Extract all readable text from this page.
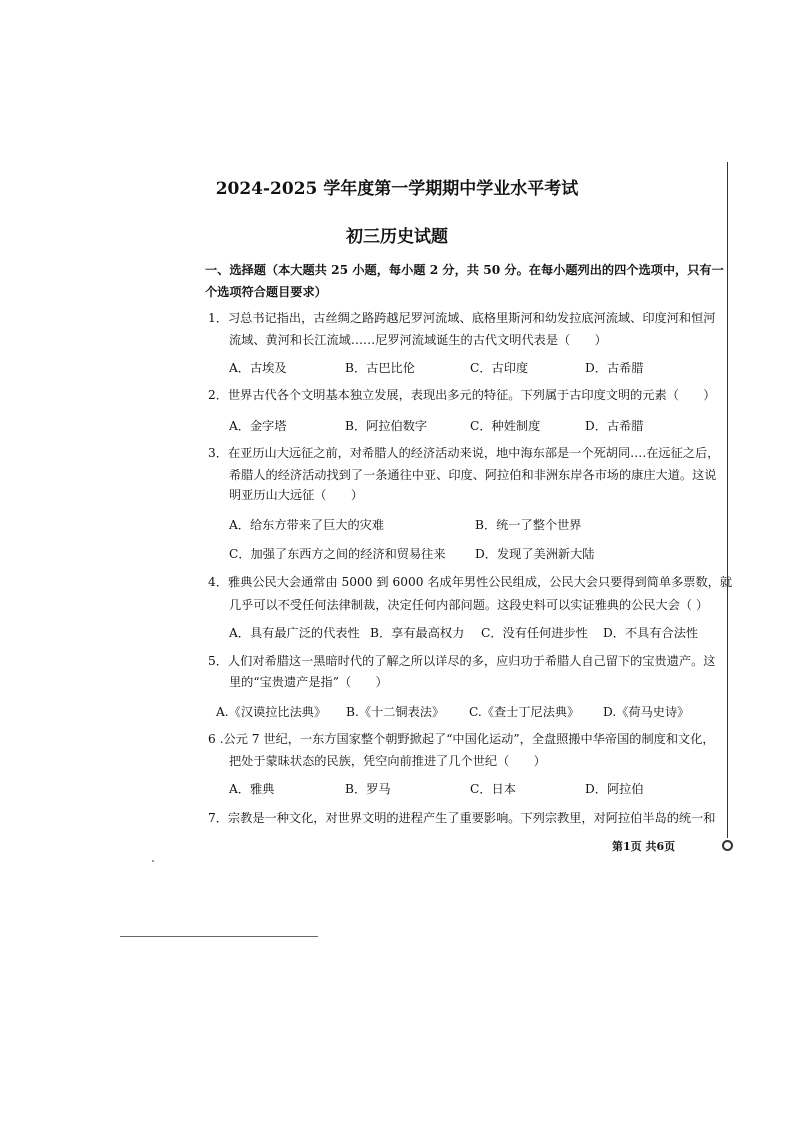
2024-2025 学年度第一学期期中学业水平考试
初三历史试题
一、选择题（本大题共 25 小题，每小题 2 分，共 50 分。在每小题列出的四个选项中，只有一
个选项符合题目要求）
1．习总书记指出，古丝绸之路跨越尼罗河流域、底格里斯河和幼发拉底河流域、印度河和恒河
流域、黄河和长江流域……尼罗河流域诞生的古代文明代表是（　　）
A．古埃及	B．古巴比伦	C．古印度	D．古希腊
2．世界古代各个文明基本独立发展，表现出多元的特征。下列属于古印度文明的元素（　　）
A．金字塔	B．阿拉伯数字	C．种姓制度	D．古希腊
3．在亚历山大远征之前，对希腊人的经济活动来说，地中海东部是一个死胡同….在远征之后，
希腊人的经济活动找到了一条通往中亚、印度、阿拉伯和非洲东岸各市场的康庄大道。这说
明亚历山大远征（　　）
A．给东方带来了巨大的灾难	B．统一了整个世界
C．加强了东西方之间的经济和贸易往来 D．发现了美洲新大陆
4．雅典公民大会通常由 5000 到 6000 名成年男性公民组成，公民大会只要得到简单多票数，就
几乎可以不受任何法律制裁，决定任何内部问题。这段史料可以实证雅典的公民大会（ ）
A．具有最广泛的代表性 B．享有最高权力 C．没有任何进步性 D．不具有合法性
5．人们对希腊这一黑暗时代的了解之所以详尽的多，应归功于希腊人自己留下的宝贵遗产。这
里的“宝贵遗产是指”（　　）
A.《汉谟拉比法典》 B.《十二铜表法》 C.《查士丁尼法典》 D.《荷马史诗》
6 .公元 7 世纪，一东方国家整个朝野掀起了“中国化运动”，全盘照搬中华帝国的制度和文化，
把处于蒙昧状态的民族，凭空向前推进了几个世纪（　　）
A．雅典	B．罗马	C．日本	D．阿拉伯
7．宗教是一种文化，对世界文明的进程产生了重要影响。下列宗教里，对阿拉伯半岛的统一和
第1页 共6页
